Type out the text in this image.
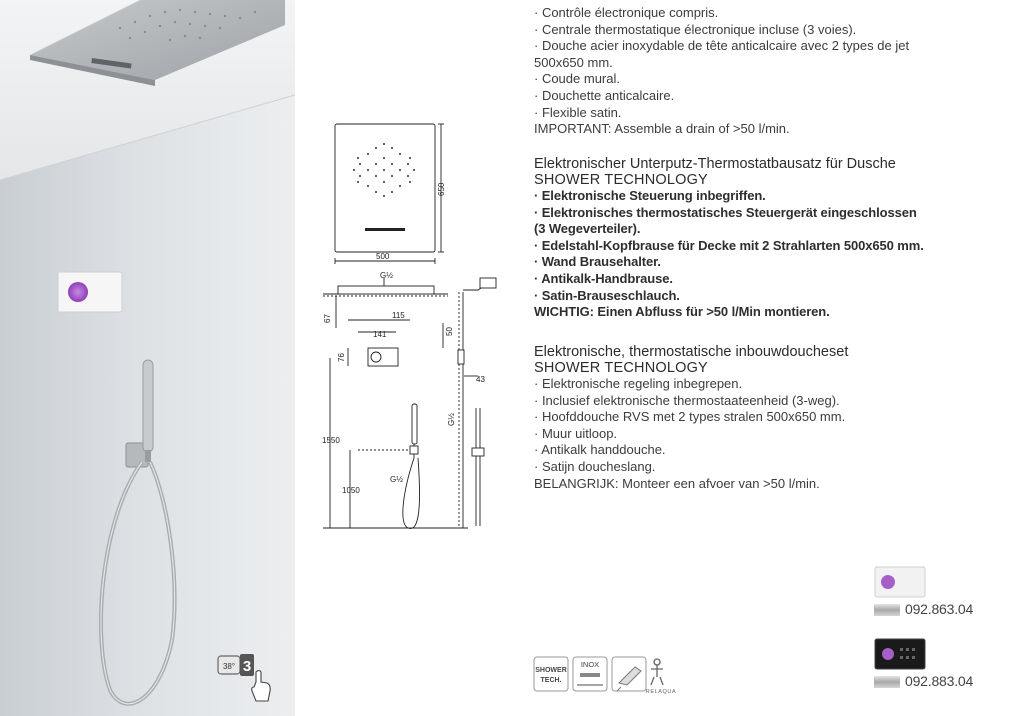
38° 3
650
500
G½
67	115
141
76
50
43
G½
G½
1550
1050
· Contrôle électronique compris.
· Centrale thermostatique électronique incluse (3 voies).
· Douche acier inoxydable de tête anticalcaire avec 2 types de jet
500x650 mm.
· Coude mural.
· Douchette anticalcaire.
· Flexible satin.
IMPORTANT: Assemble a drain of >50 l/min.
Elektronischer Unterputz-Thermostatbausatz für Dusche
SHOWER TECHNOLOGY
· Elektronische Steuerung inbegriffen.
· Elektronisches thermostatisches Steuergerät eingeschlossen
(3 Wegeverteiler).
· Edelstahl-Kopfbrause für Decke mit 2 Strahlarten 500x650 mm.
· Wand Brausehalter.
· Antikalk-Handbrause.
· Satin-Brauseschlauch.
WICHTIG: Einen Abfluss für >50 l/Min montieren.
Elektronische, thermostatische inbouwdoucheset
SHOWER TECHNOLOGY
· Elektronische regeling inbegrepen.
· Inclusief elektronische thermostaateenheid (3-weg).
· Hoofddouche RVS met 2 types stralen 500x650 mm.
· Muur uitloop.
· Antikalk handdouche.
· Satijn doucheslang.
BELANGRIJK: Monteer een afvoer van >50 l/min.
092.863.04
092.883.04
SHOWER
TECH.
INOX
RELAQUA
